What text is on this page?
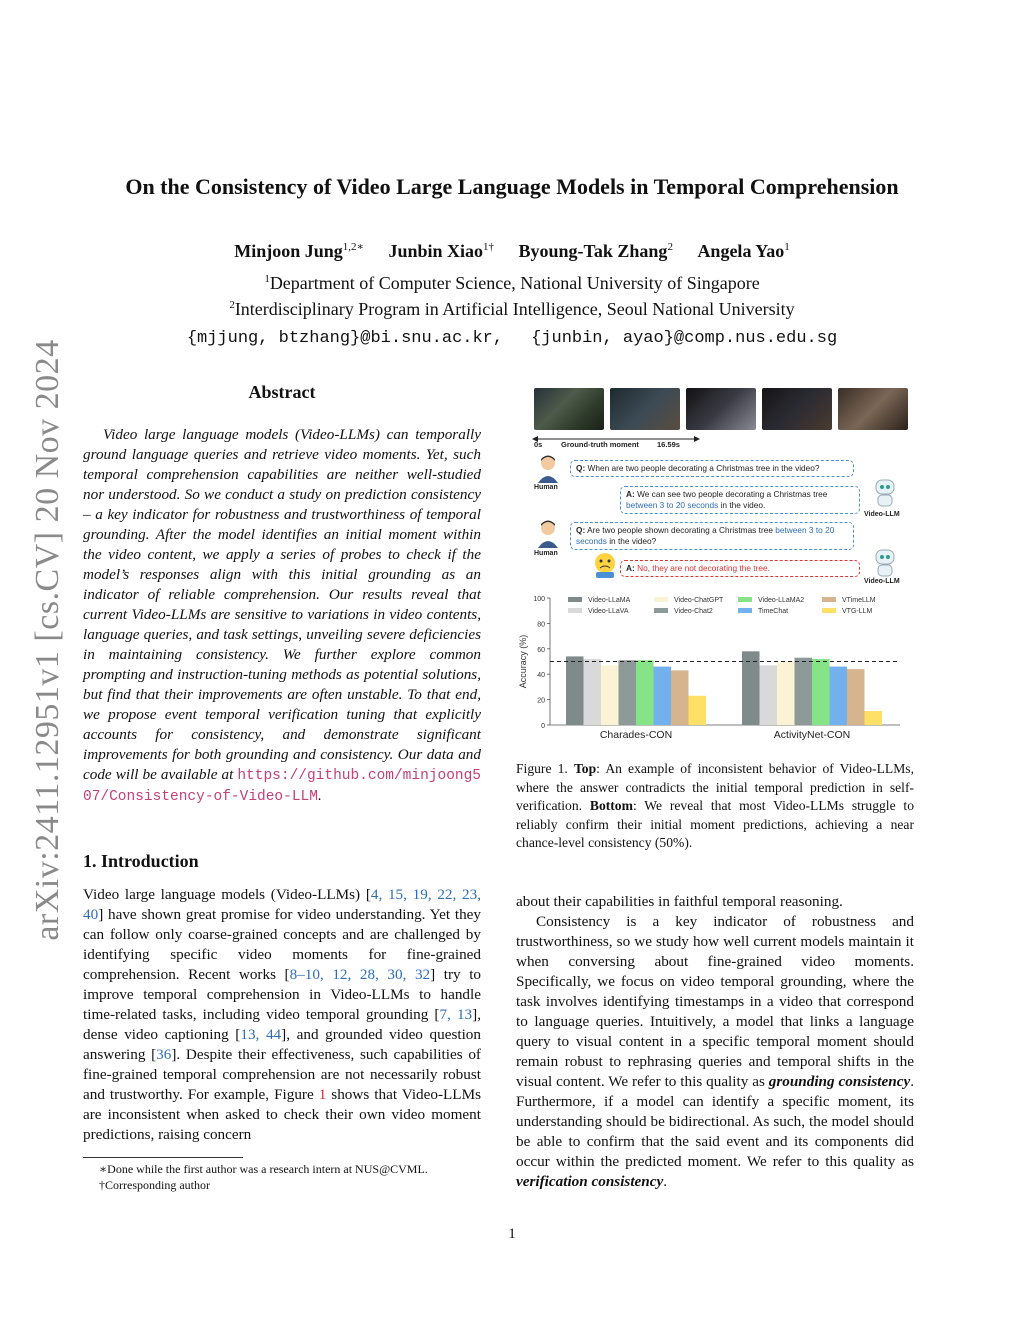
arXiv:2411.12951v1 [cs.CV] 20 Nov 2024
On the Consistency of Video Large Language Models in Temporal Comprehension
Minjoon Jung$^{1,2∗}$ Junbin Xiao$^{1\dagger}$ Byoung-Tak Zhang$^2$ Angela Yao$^1$
$^1$Department of Computer Science, National University of Singapore
$^2$Interdisciplinary Program in Artificial Intelligence, Seoul National University
{mjjung, btzhang}@bi.snu.ac.kr, {junbin, ayao}@comp.nus.edu.sg
Abstract
Video large language models (Video-LLMs) can temporally ground language queries and retrieve video moments. Yet, such temporal comprehension capabilities are neither well-studied nor understood. So we conduct a study on prediction consistency – a key indicator for robustness and trustworthiness of temporal grounding. After the model identifies an initial moment within the video content, we apply a series of probes to check if the model’s responses align with this initial grounding as an indicator of reliable comprehension. Our results reveal that current Video-LLMs are sensitive to variations in video contents, language queries, and task settings, unveiling severe deficiencies in maintaining consistency. We further explore common prompting and instruction-tuning methods as potential solutions, but find that their improvements are often unstable. To that end, we propose event temporal verification tuning that explicitly accounts for consistency, and demonstrate significant improvements for both grounding and consistency. Our data and code will be available at https://github.com/minjoong507/Consistency-of-Video-LLM.
1. Introduction
Video large language models (Video-LLMs) [4, 15, 19, 22, 23, 40] have shown great promise for video understanding. Yet they can follow only coarse-grained concepts and are challenged by identifying specific video moments for fine-grained comprehension. Recent works [8–10, 12, 28, 30, 32] try to improve temporal comprehension in Video-LLMs to handle time-related tasks, including video temporal grounding [7, 13], dense video captioning [13, 44], and grounded video question answering [36]. Despite their effectiveness, such capabilities of fine-grained temporal comprehension are not necessarily robust and trustworthy. For example, Figure 1 shows that Video-LLMs are inconsistent when asked to check their own video moment predictions, raising concern
∗Done while the first author was a research intern at NUS@CVML.
†Corresponding author
0s Ground-truth moment 16.59s
Human
Q: When are two people decorating a Christmas tree in the video?
Video-LLM
A: We can see two people decorating a Christmas tree between 3 to 20 seconds in the video.
Human
Q: Are two people shown decorating a Christmas tree between 3 to 20 seconds in the video?
Video-LLM
A: No, they are not decorating the tree.
0
20
40
60
80
100
Accuracy (%)
Charades-CON	ActivityNet-CON
Video-LLaMA
Video-LLaVA
Video-ChatGPT
Video-Chat2
Video-LLaMA2
TimeChat
VTimeLLM
VTG-LLM
Figure 1. Top: An example of inconsistent behavior of Video-LLMs, where the answer contradicts the initial temporal prediction in self-verification. Bottom: We reveal that most Video-LLMs struggle to reliably confirm their initial moment predictions, achieving a near chance-level consistency (50%).

about their capabilities in faithful temporal reasoning.

Consistency is a key indicator of robustness and trustworthiness, so we study how well current models maintain it when conversing about fine-grained video moments. Specifically, we focus on video temporal grounding, where the task involves identifying timestamps in a video that correspond to language queries. Intuitively, a model that links a language query to visual content in a specific temporal moment should remain robust to rephrasing queries and temporal shifts in the visual content. We refer to this quality as grounding consistency. Furthermore, if a model can identify a specific moment, its understanding should be bidirectional. As such, the model should be able to confirm that the said event and its components did occur within the predicted moment. We refer to this quality as verification consistency.

1
